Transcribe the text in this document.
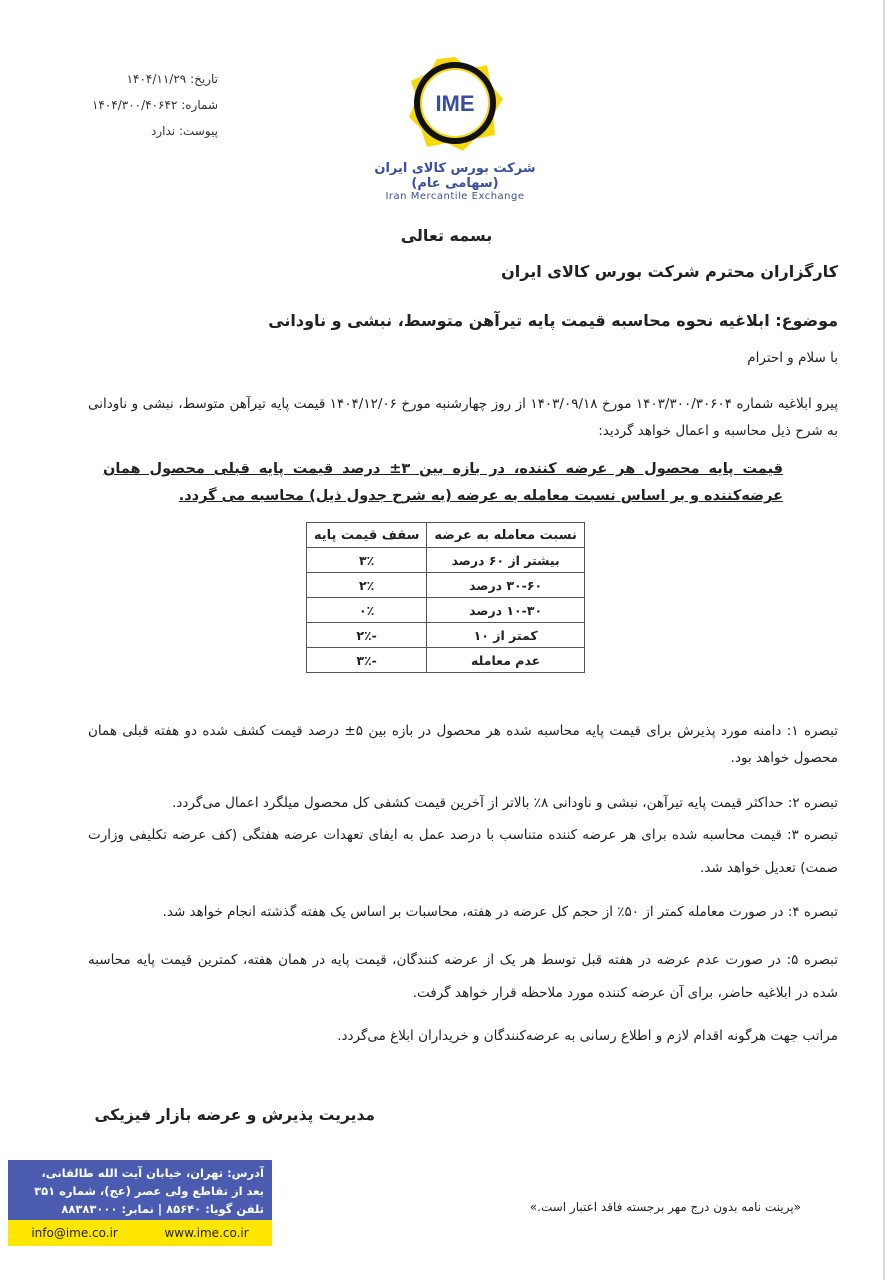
تاریخ: ۱۴۰۴/۱۱/۲۹
شماره: ۱۴۰۴/۳۰۰/۴۰۶۴۲
پیوست: ندارد
IME
شرکت بورس کالای ایران (سهامی عام)
Iran Mercantile Exchange
بسمه تعالی
کارگزاران محترم شرکت بورس کالای ایران
موضوع: ابلاغیه نحوه محاسبه قیمت پایه تیرآهن متوسط، نبشی و ناودانی
با سلام و احترام
پیرو ابلاغیه شماره ۱۴۰۳/۳۰۰/۳۰۶۰۴ مورخ ۱۴۰۳/۰۹/۱۸ از روز چهارشنبه مورخ ۱۴۰۴/۱۲/۰۶ قیمت پایه تیرآهن متوسط، نبشی و ناودانی به شرح ذیل محاسبه و اعمال خواهد گردید:
قیمت پایه محصول هر عرضه کننده، در بازه بین ۳± درصد قیمت پایه قبلی محصول همان عرضه‌کننده و بر اساس نسبت معامله به عرضه (به شرح جدول ذیل) محاسبه می گردد.
نسبت معامله به عرضه	سقف قیمت پایه
بیشتر از ۶۰ درصد	۳٪
۳۰-۶۰ درصد	۲٪
۱۰-۳۰ درصد	۰٪
کمتر از ۱۰	-۲٪
عدم معامله	-۳٪
تبصره ۱: دامنه مورد پذیرش برای قیمت پایه محاسبه شده هر محصول در بازه بین ۵± درصد قیمت کشف شده دو هفته قبلی همان محصول خواهد بود.
تبصره ۲: حداکثر قیمت پایه تیرآهن، نبشی و ناودانی ۸٪ بالاتر از آخرین قیمت کشفی کل محصول میلگرد اعمال می‌گردد.
تبصره ۳: قیمت محاسبه شده برای هر عرضه کننده متناسب با درصد عمل به ایفای تعهدات عرضه هفتگی (کف عرضه تکلیفی وزارت صمت) تعدیل خواهد شد.
تبصره ۴: در صورت معامله کمتر از ۵۰٪ از حجم کل عرضه در هفته، محاسبات بر اساس یک هفته گذشته انجام خواهد شد.
تبصره ۵: در صورت عدم عرضه در هفته قبل توسط هر یک از عرضه کنندگان، قیمت پایه در همان هفته، کمترین قیمت پایه محاسبه شده در ابلاغیه حاضر، برای آن عرضه کننده مورد ملاحظه قرار خواهد گرفت.
مراتب جهت هرگونه اقدام لازم و اطلاع رسانی به عرضه‌کنندگان و خریداران ابلاغ می‌گردد.
مدیریت پذیرش و عرضه بازار فیزیکی
آدرس: تهران، خیابان آیت الله طالقانی،
بعد از تقاطع ولی عصر (عج)، شماره ۳۵۱
تلفن گویا: ۸۵۶۴۰ | نمابر: ۸۸۳۸۳۰۰۰
info@ime.co.ir	www.ime.co.ir
«پرینت نامه بدون درج مهر برجسته فاقد اعتبار است.»
